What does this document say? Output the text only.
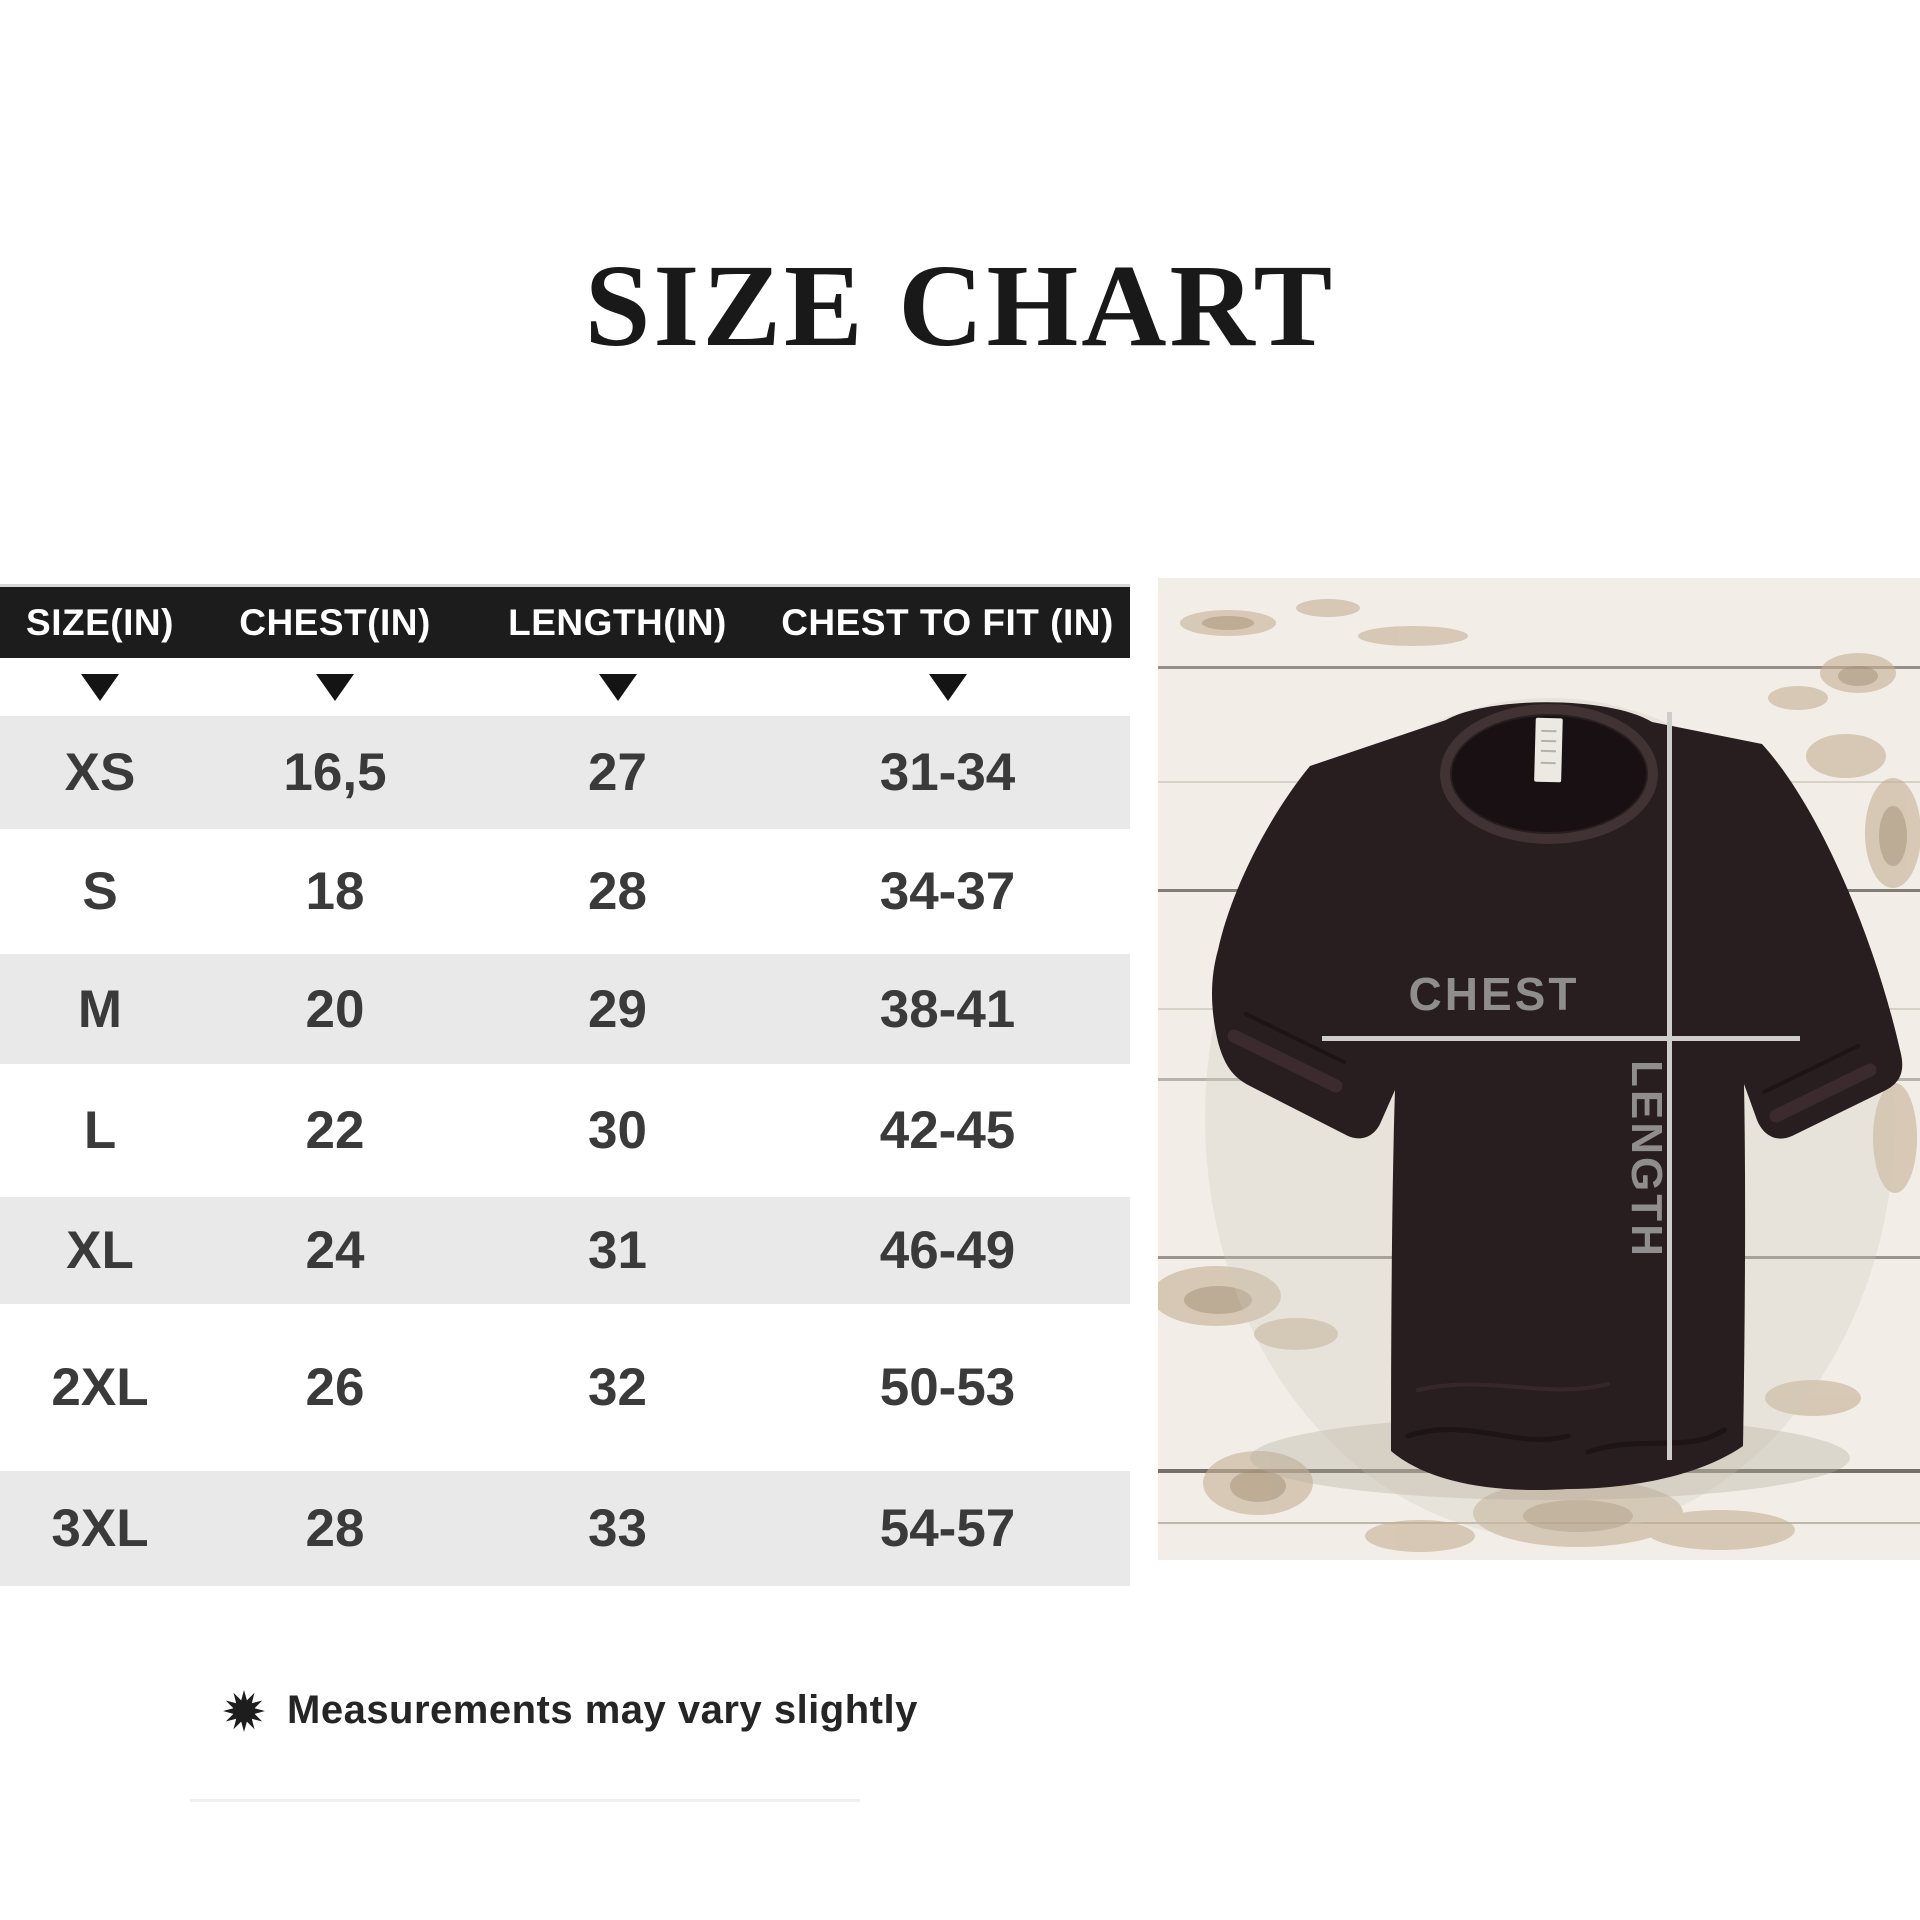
SIZE CHART
SIZE(IN)	CHEST(IN)	LENGTH(IN)	CHEST TO FIT (IN)
XS	16,5	27	31-34
S	18	28	34-37
M	20	29	38-41
L	22	30	42-45
XL	24	31	46-49
2XL	26	32	50-53
3XL	28	33	54-57
Measurements may vary slightly
CHEST
LENGTH
